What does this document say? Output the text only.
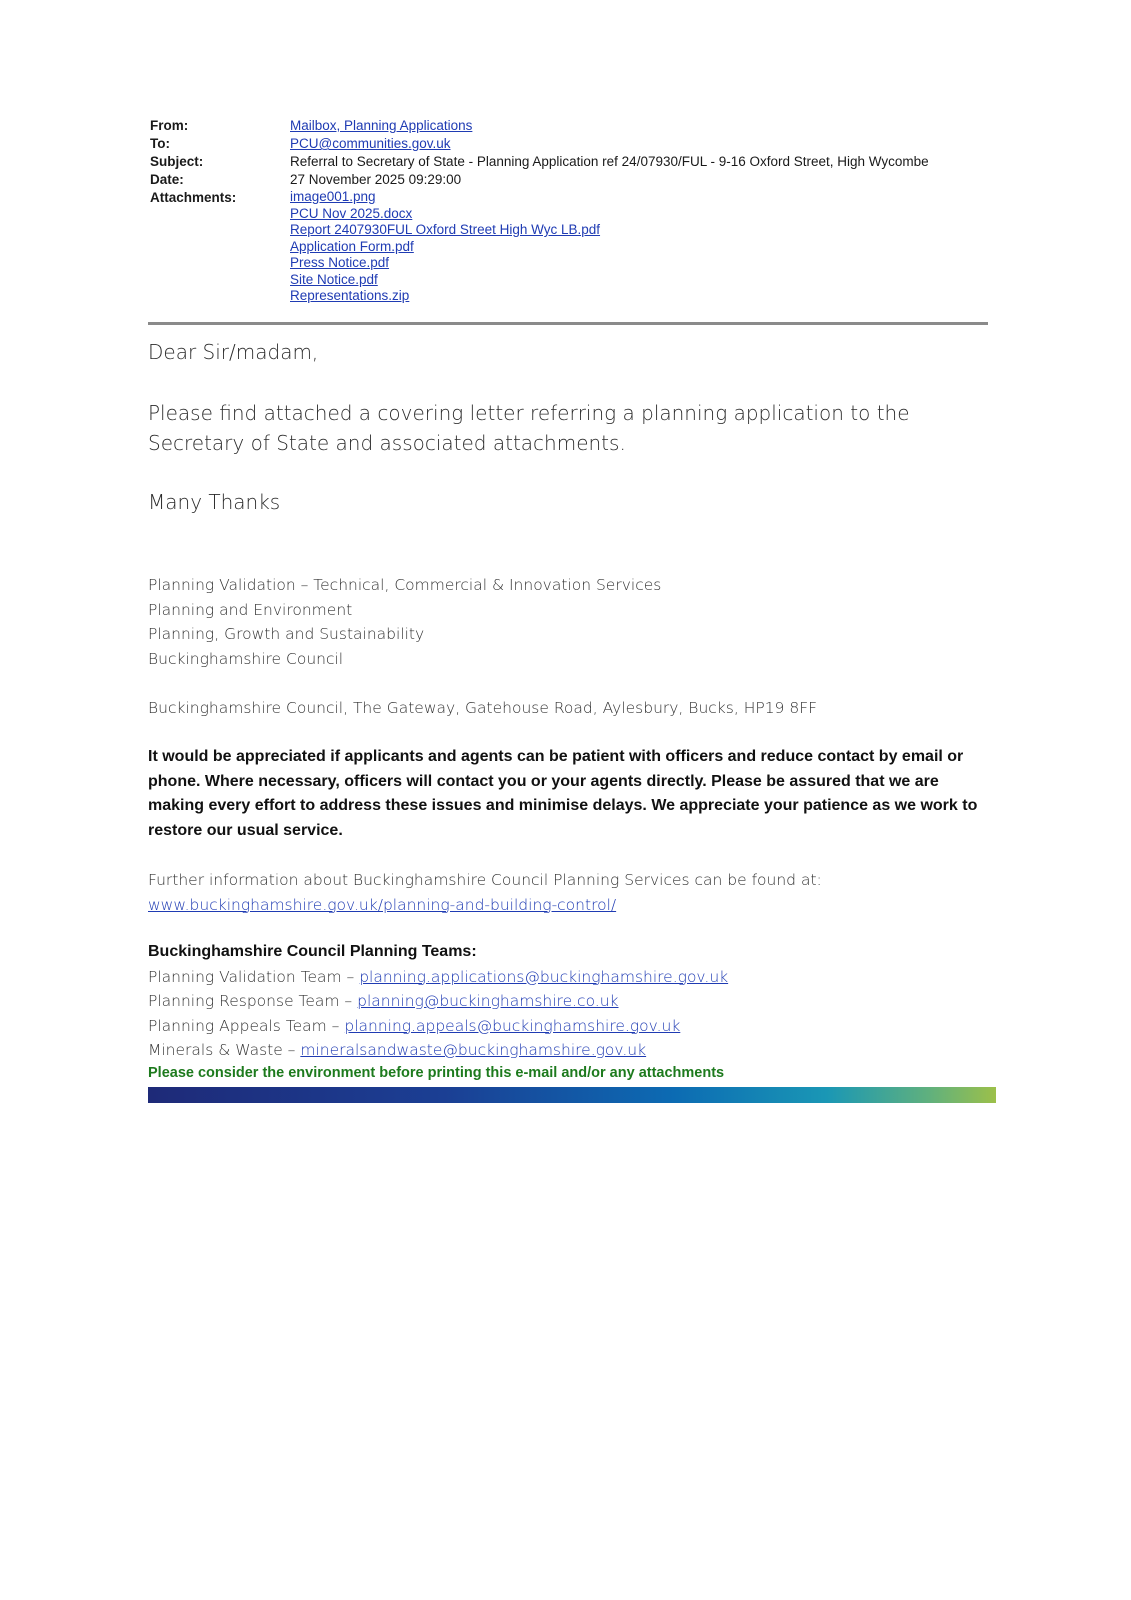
From:	Mailbox, Planning Applications
To:	PCU@communities.gov.uk
Subject:	Referral to Secretary of State - Planning Application ref 24/07930/FUL - 9-16 Oxford Street, High Wycombe
Date:	27 November 2025 09:29:00
Attachments:	image001.png
PCU Nov 2025.docx
Report 2407930FUL Oxford Street High Wyc LB.pdf
Application Form.pdf
Press Notice.pdf
Site Notice.pdf
Representations.zip
Dear Sir/madam,
Please find attached a covering letter referring a planning application to the Secretary of State and associated attachments.
Many Thanks
Planning Validation – Technical, Commercial & Innovation Services
Planning and Environment
Planning, Growth and Sustainability
Buckinghamshire Council
Buckinghamshire Council, The Gateway, Gatehouse Road, Aylesbury, Bucks, HP19 8FF
It would be appreciated if applicants and agents can be patient with officers and reduce contact by email or phone. Where necessary, officers will contact you or your agents directly. Please be assured that we are making every effort to address these issues and minimise delays. We appreciate your patience as we work to restore our usual service.
Further information about Buckinghamshire Council Planning Services can be found at:
www.buckinghamshire.gov.uk/planning-and-building-control/
Buckinghamshire Council Planning Teams:
Planning Validation Team – planning.applications@buckinghamshire.gov.uk
Planning Response Team – planning@buckinghamshire.co.uk
Planning Appeals Team – planning.appeals@buckinghamshire.gov.uk
Minerals & Waste – mineralsandwaste@buckinghamshire.gov.uk
Please consider the environment before printing this e-mail and/or any attachments
